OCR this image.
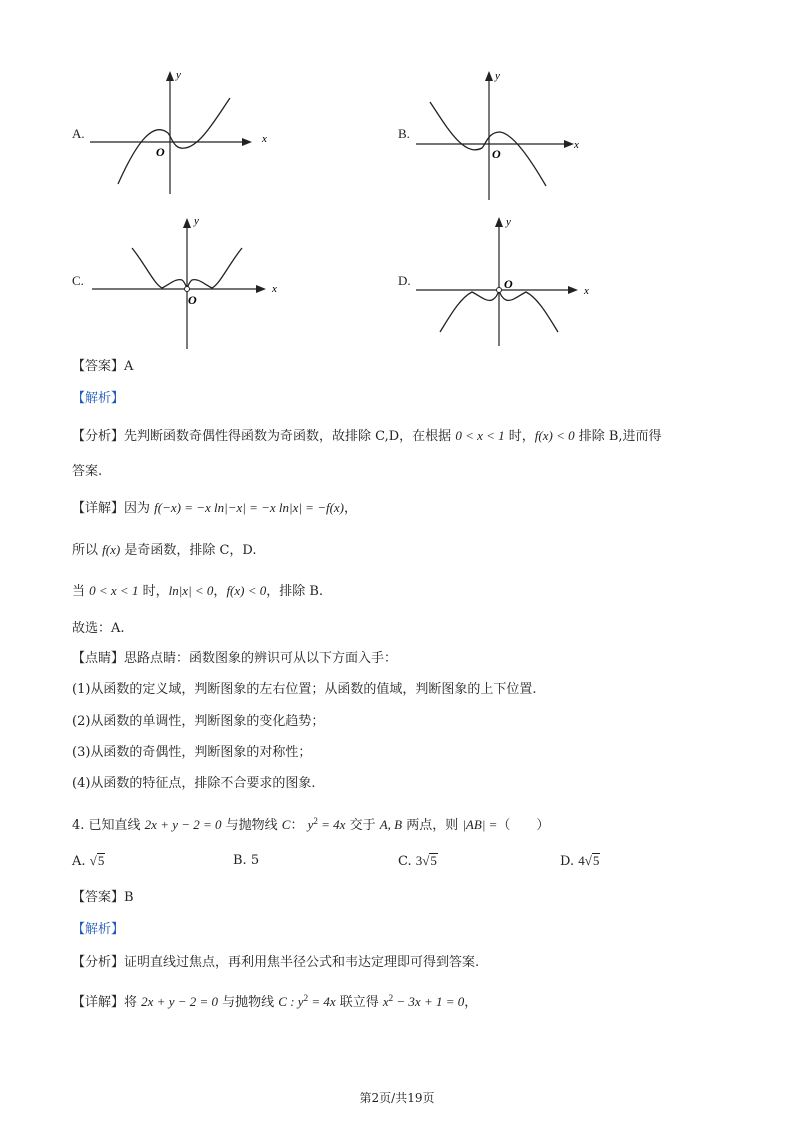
A.	x
y
O
B.
x
y
O
C.
x
y
O
D.
x
y
O
【答案】A
【解析】
【分析】先判断函数奇偶性得函数为奇函数，故排除 C,D，在根据 0 < x < 1 时，f(x) < 0 排除 B,进而得
答案.
【详解】因为 f(−x) = −x ln|−x| = −x ln|x| = −f(x)，
所以 f(x) 是奇函数，排除 C，D.
当 0 < x < 1 时，ln|x| < 0，f(x) < 0，排除 B.
故选：A.
【点睛】思路点睛：函数图象的辨识可从以下方面入手：
(1)从函数的定义域，判断图象的左右位置；从函数的值域，判断图象的上下位置.
(2)从函数的单调性，判断图象的变化趋势；
(3)从函数的奇偶性，判断图象的对称性；
(4)从函数的特征点，排除不合要求的图象.
4. 已知直线 2x + y − 2 = 0 与抛物线 C： $y^2 = 4x$ 交于 A, B 两点，则 |AB| =（　　）
A. √5	B. 5	C. 3√5	D. 4√5
【答案】B
【解析】
【分析】证明直线过焦点，再利用焦半径公式和韦达定理即可得到答案.
【详解】将 2x + y − 2 = 0 与抛物线 C : $y^2 = 4x$ 联立得 $x^2 - 3x + 1 = 0$，
第2页/共19页
